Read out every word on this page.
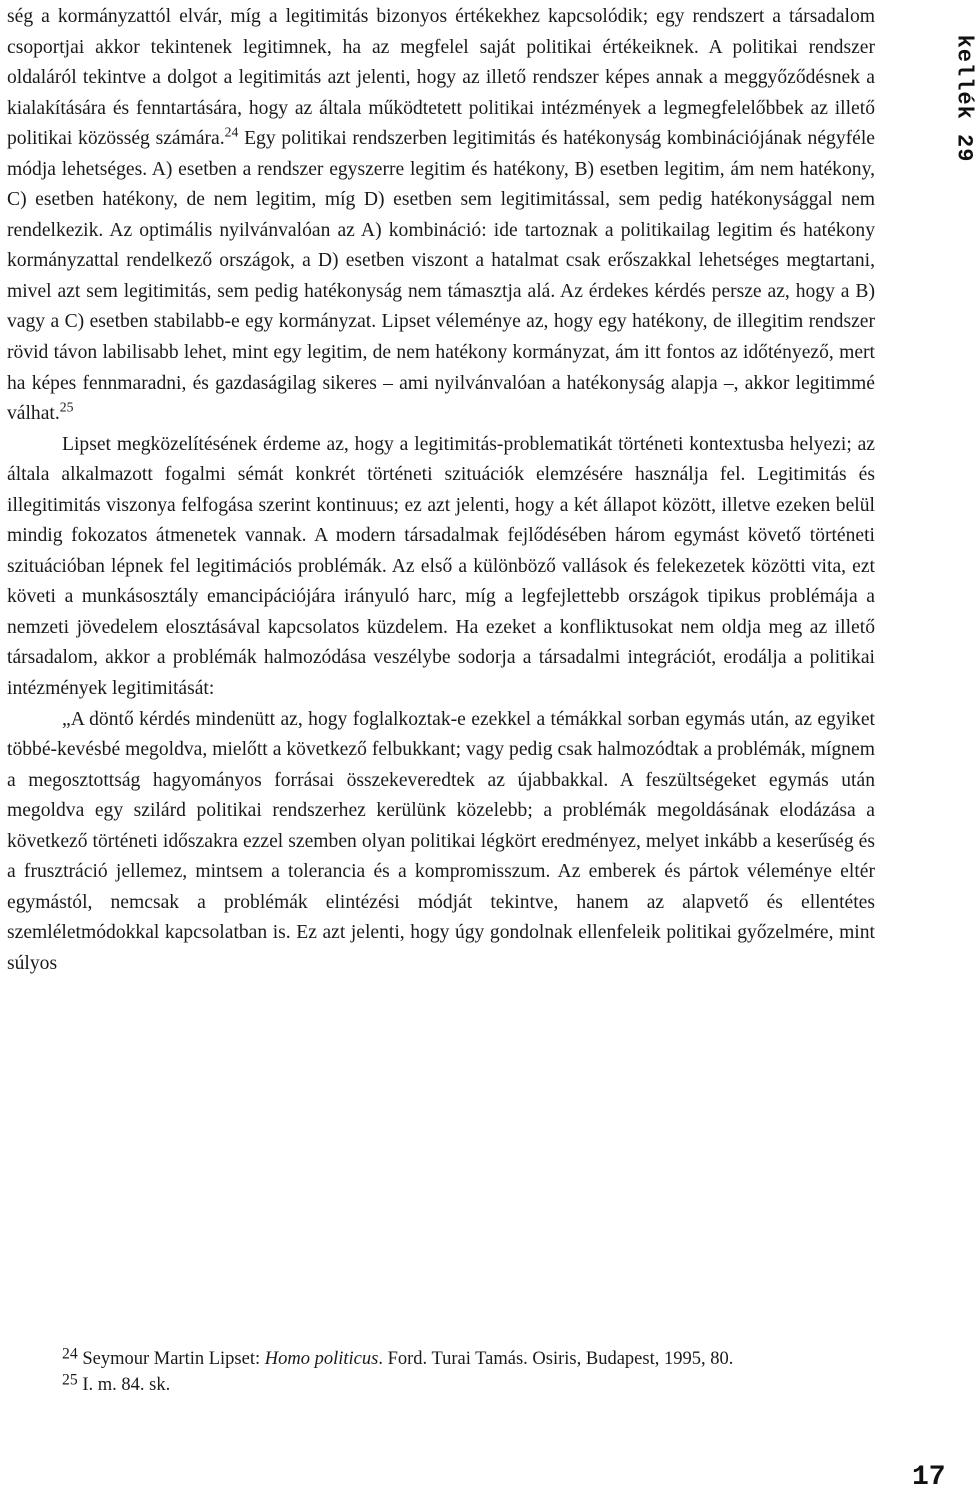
ség a kormányzattól elvár, míg a legitimitás bizonyos értékekhez kapcsolódik; egy rendszert a társadalom csoportjai akkor tekintenek legitimnek, ha az megfelel saját politikai értékeiknek. A politikai rendszer oldaláról tekintve a dolgot a legitimitás azt jelenti, hogy az illető rendszer képes annak a meggyőződésnek a kialakítására és fenntartására, hogy az általa működtetett politikai intézmények a legmegfelelőbbek az illető politikai közösség számára.$^{24}$ Egy politikai rendszerben legitimitás és hatékonyság kombinációjának négyféle módja lehetséges. A) esetben a rendszer egyszerre legitim és hatékony, B) esetben legitim, ám nem hatékony, C) esetben hatékony, de nem legitim, míg D) esetben sem legitimitással, sem pedig hatékonysággal nem rendelkezik. Az optimális nyilvánvalóan az A) kombináció: ide tartoznak a politikailag legitim és hatékony kormányzattal rendelkező országok, a D) esetben viszont a hatalmat csak erőszakkal lehetséges megtartani, mivel azt sem legitimitás, sem pedig hatékonyság nem támasztja alá. Az érdekes kérdés persze az, hogy a B) vagy a C) esetben stabilabb-e egy kormányzat. Lipset véleménye az, hogy egy hatékony, de illegitim rendszer rövid távon labilisabb lehet, mint egy legitim, de nem hatékony kormányzat, ám itt fontos az időtényező, mert ha képes fennmaradni, és gazdaságilag sikeres – ami nyilvánvalóan a hatékonyság alapja –, akkor legitimmé válhat.$^{25}$

Lipset megközelítésének érdeme az, hogy a legitimitás-problematikát történeti kontextusba helyezi; az általa alkalmazott fogalmi sémát konkrét történeti szituációk elemzésére használja fel. Legitimitás és illegitimitás viszonya felfogása szerint kontinuus; ez azt jelenti, hogy a két állapot között, illetve ezeken belül mindig fokozatos átmenetek vannak. A modern társadalmak fejlődésében három egymást követő történeti szituációban lépnek fel legitimációs problémák. Az első a különböző vallások és felekezetek közötti vita, ezt követi a munkásosztály emancipációjára irányuló harc, míg a legfejlettebb országok tipikus problémája a nemzeti jövedelem elosztásával kapcsolatos küzdelem. Ha ezeket a konfliktusokat nem oldja meg az illető társadalom, akkor a problémák halmozódása veszélybe sodorja a társadalmi integrációt, erodálja a politikai intézmények legitimitását:

„A döntő kérdés mindenütt az, hogy foglalkoztak-e ezekkel a témákkal sorban egymás után, az egyiket többé-kevésbé megoldva, mielőtt a következő felbukkant; vagy pedig csak halmozódtak a problémák, mígnem a megosztottság hagyományos forrásai összekeveredtek az újabbakkal. A feszültségeket egymás után megoldva egy szilárd politikai rendszerhez kerülünk közelebb; a problémák megoldásának elodázása a következő történeti időszakra ezzel szemben olyan politikai légkört eredményez, melyet inkább a keserűség és a frusztráció jellemez, mintsem a tolerancia és a kompromisszum. Az emberek és pártok véleménye eltér egymástól, nemcsak a problémák elintézési módját tekintve, hanem az alapvető és ellentétes szemléletmódokkal kapcsolatban is. Ez azt jelenti, hogy úgy gondolnak ellenfeleik politikai győzelmére, mint súlyos

$^{24}$ Seymour Martin Lipset: Homo politicus. Ford. Turai Tamás. Osiris, Budapest, 1995, 80.

$^{25}$ I. m. 84. sk.

kellék 29
17
